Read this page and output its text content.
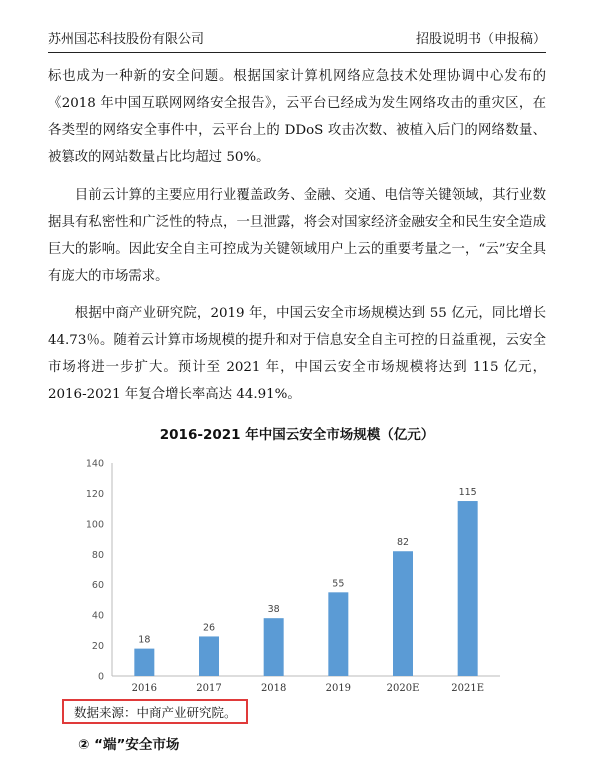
苏州国芯科技股份有限公司	招股说明书（申报稿）

标也成为一种新的安全问题。根据国家计算机网络应急技术处理协调中心发布的《2018 年中国互联网网络安全报告》，云平台已经成为发生网络攻击的重灾区，在各类型的网络安全事件中，云平台上的 DDoS 攻击次数、被植入后门的网络数量、被篡改的网站数量占比均超过 50%。

目前云计算的主要应用行业覆盖政务、金融、交通、电信等关键领域，其行业数据具有私密性和广泛性的特点，一旦泄露，将会对国家经济金融安全和民生安全造成巨大的影响。因此安全自主可控成为关键领域用户上云的重要考量之一，“云”安全具有庞大的市场需求。

根据中商产业研究院，2019 年，中国云安全市场规模达到 55 亿元，同比增长 44.73％。随着云计算市场规模的提升和对于信息安全自主可控的日益重视，云安全市场将进一步扩大。预计至 2021 年，中国云安全市场规模将达到 115 亿元，2016-2021 年复合增长率高达 44.91%。

2016-2021 年中国云安全市场规模（亿元）
0
20
40
60
80
100
120
140
18
2016
26
2017
38
2018
55
2019
82
2020E
115
2021E
数据来源：中商产业研究院。
② “端”安全市场
